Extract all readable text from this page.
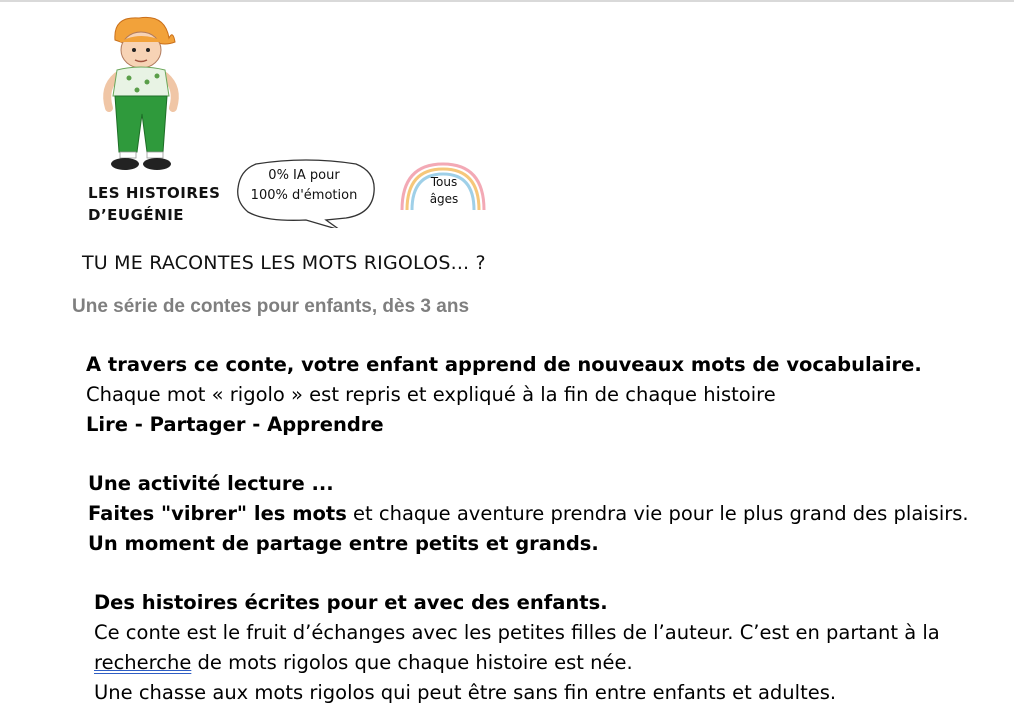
LES HISTOIRES
D’EUGÉNIE
0% IA pour
100% d'émotion
Tous
âges
TU ME RACONTES LES MOTS RIGOLOS... ?
Une série de contes pour enfants, dès 3 ans
A travers ce conte, votre enfant apprend de nouveaux mots de vocabulaire.
Chaque mot « rigolo » est repris et expliqué à la fin de chaque histoire
Lire - Partager - Apprendre
Une activité lecture ...
Faites "vibrer" les mots et chaque aventure prendra vie pour le plus grand des plaisirs.
Un moment de partage entre petits et grands.
Des histoires écrites pour et avec des enfants.
Ce conte est le fruit d’échanges avec les petites filles de l’auteur. C’est en partant à la
recherche de mots rigolos que chaque histoire est née.
Une chasse aux mots rigolos qui peut être sans fin entre enfants et adultes.
